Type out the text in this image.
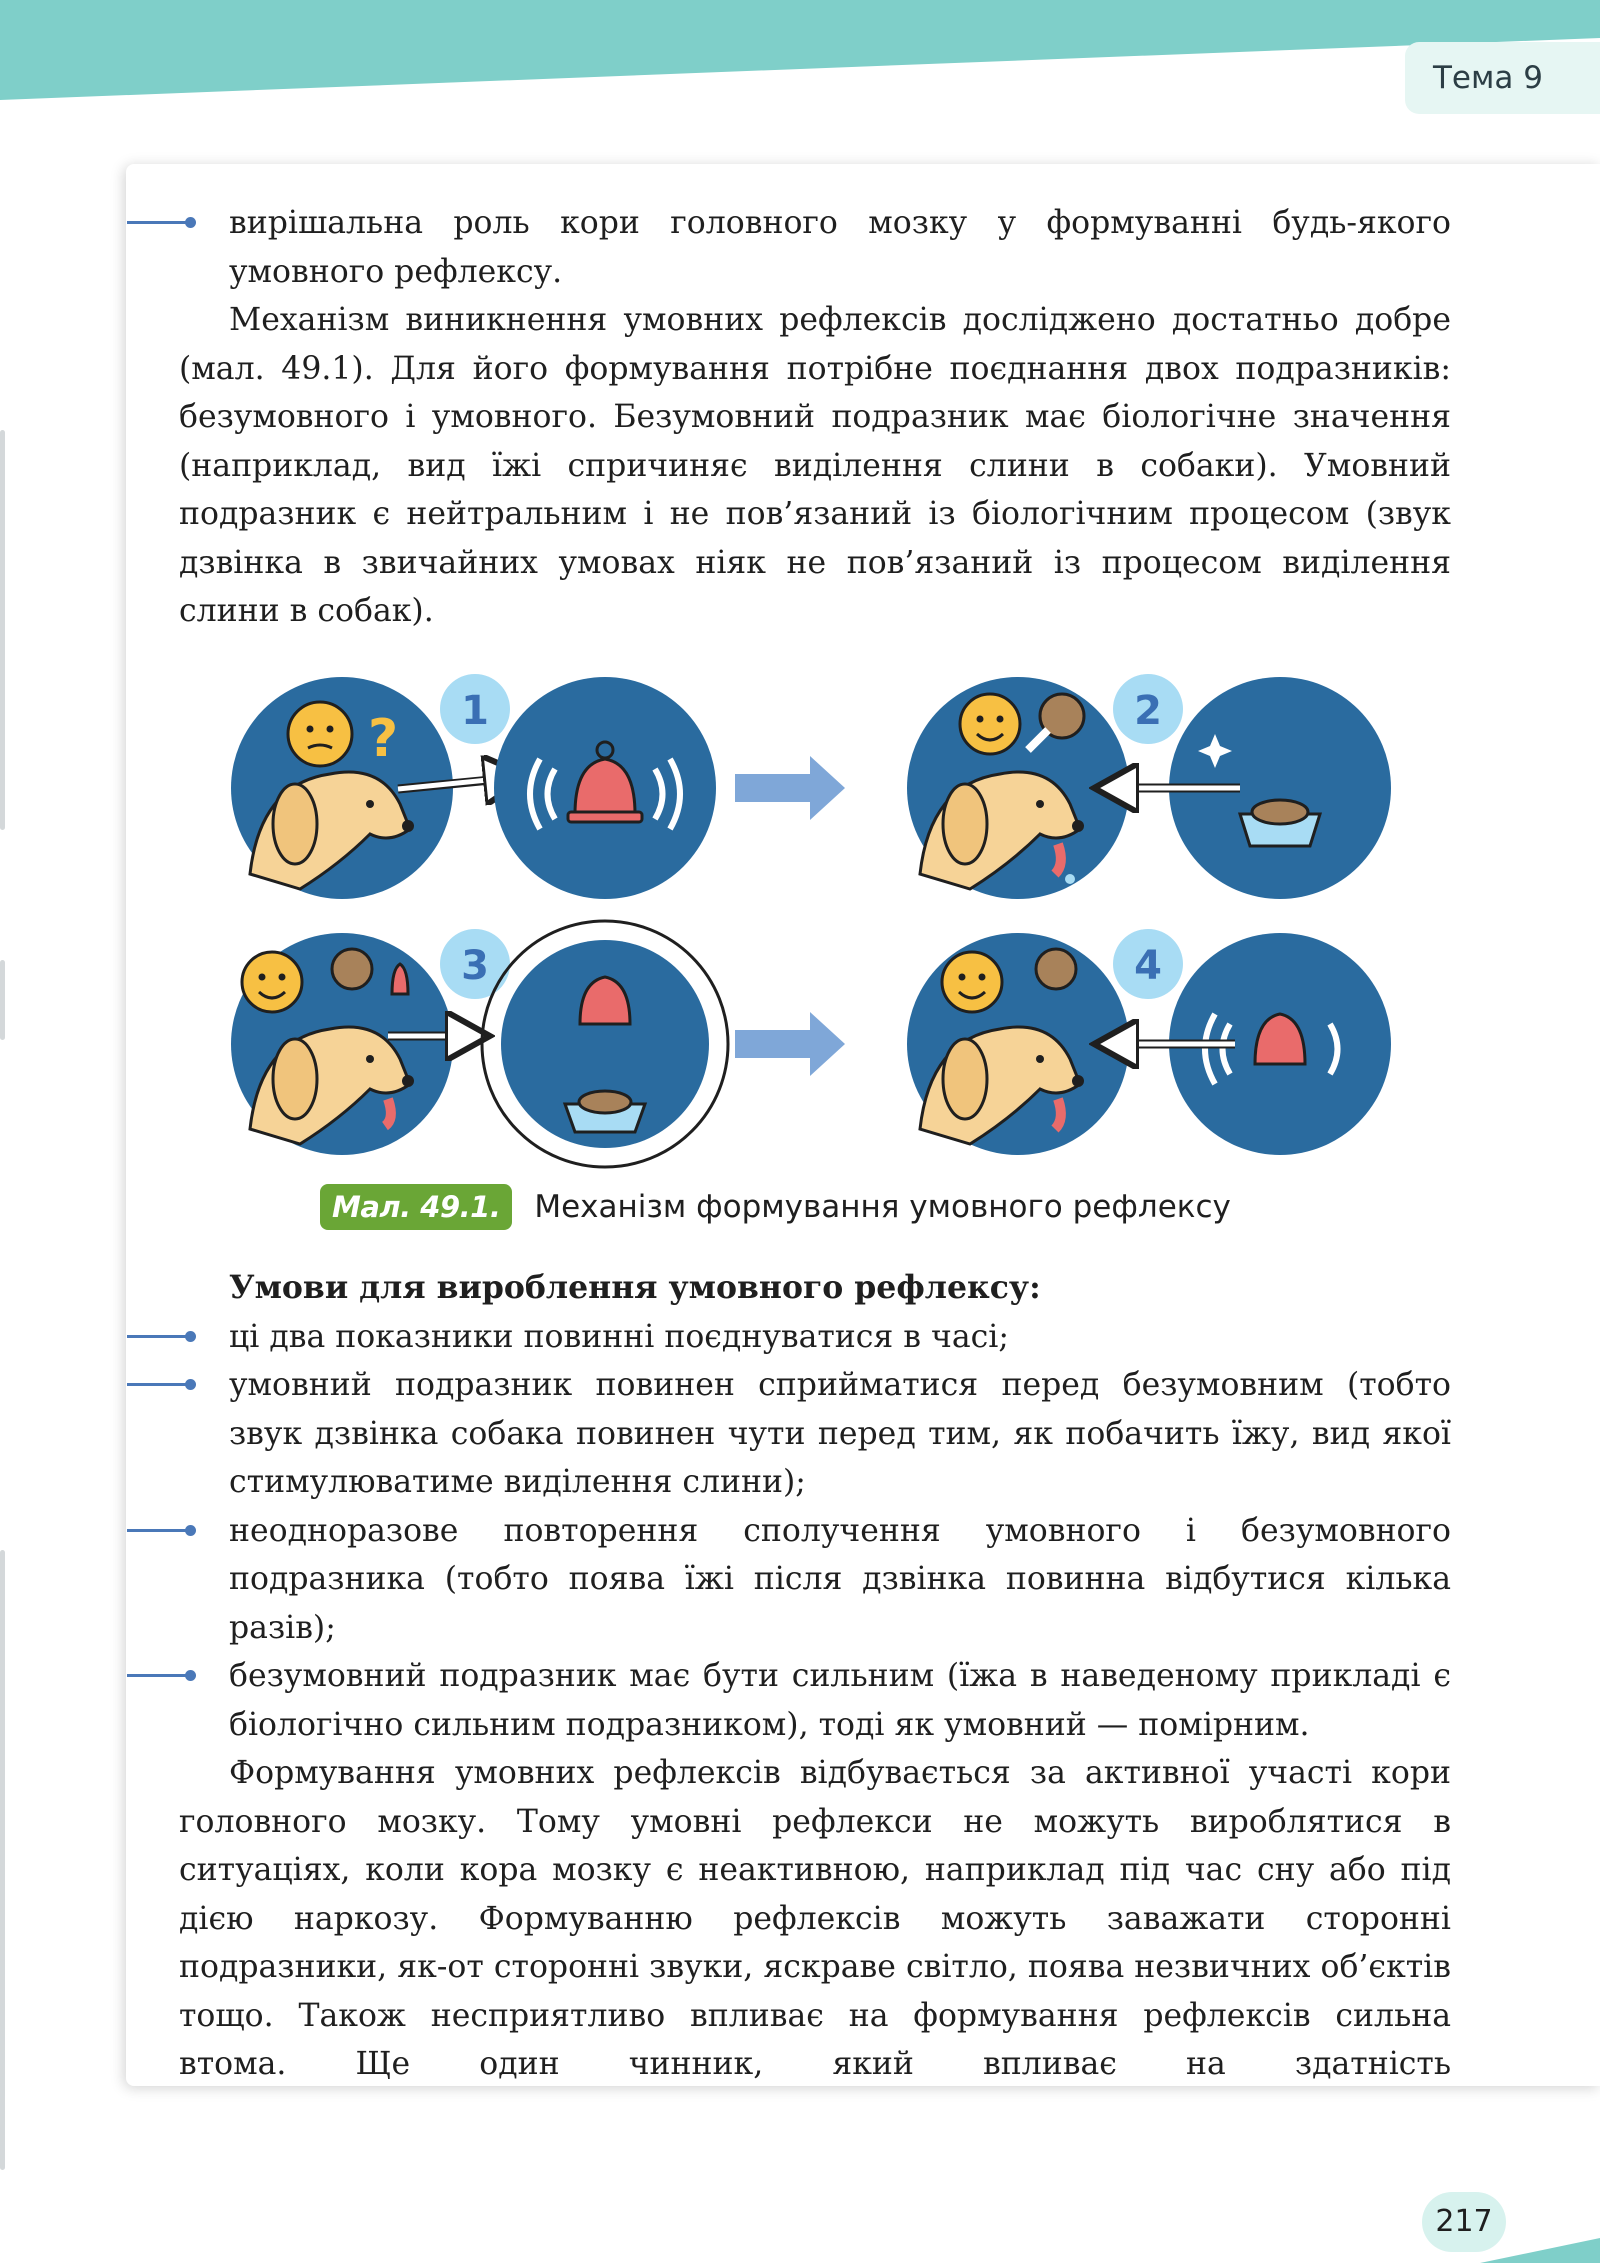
Тема 9

вирішальна роль кори головного мозку у формуванні будь-якого умовного рефлексу.

Механізм виникнення умовних рефлексів досліджено достатньо добре (мал. 49.1). Для його формування потрібне поєднання двох подразників: безумовного і умовного. Безумовний подразник має біологічне значення (наприклад, вид їжі спричиняє виділення слини в собаки). Умовний подразник є нейтральним і не пов’язаний із біологічним процесом (звук дзвінка в звичайних умовах ніяк не пов’язаний із процесом виділення слини в собак).

? 1	2
3	4
Мал. 49.1.	Механізм формування умовного рефлексу

Умови для вироблення умовного рефлексу:

ці два показники повинні поєднуватися в часі;

умовний подразник повинен сприйматися перед безумовним (тобто звук дзвінка собака повинен чути перед тим, як побачить їжу, вид якої стимулюватиме виділення слини);

неодноразове повторення сполучення умовного і безумовного подразника (тобто поява їжі після дзвінка повинна відбутися кілька разів);

безумовний подразник має бути сильним (їжа в наведеному прикладі є біологічно сильним подразником), тоді як умовний — помірним.

Формування умовних рефлексів відбувається за активної участі кори головного мозку. Тому умовні рефлекси не можуть вироблятися в ситуаціях, коли кора мозку є неактивною, наприклад під час сну або під дією наркозу. Формуванню рефлексів можуть заважати сторонні подразники, як-от сторонні звуки, яскраве світло, поява незвичних об’єктів тощо. Також несприятливо впливає на формування рефлексів сильна втома. Ще один чинник, який впливає на здатність

217
